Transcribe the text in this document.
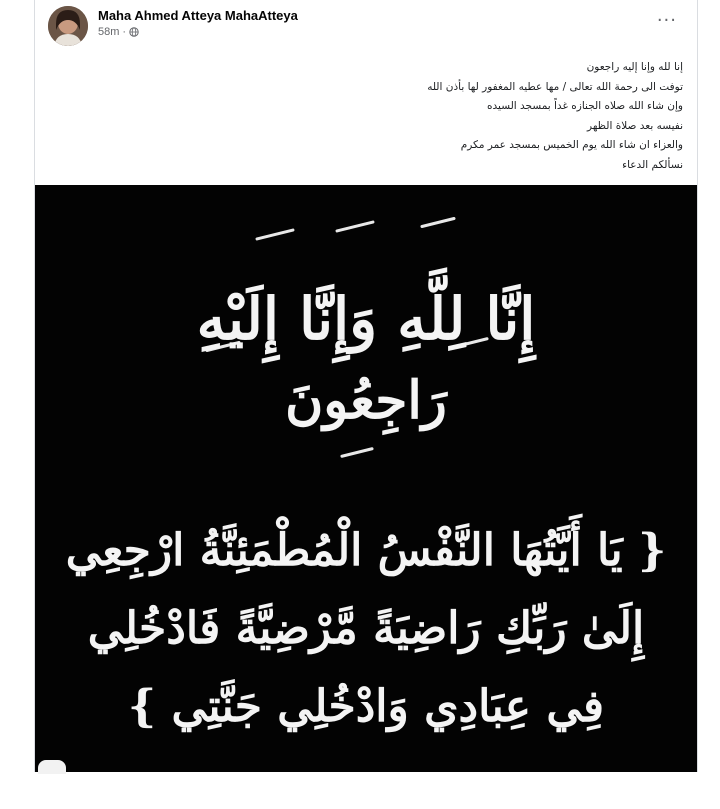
Maha Ahmed Atteya MahaAtteya
58m ·
···
إنا لله وإنا إليه راجعون
توفت الى رحمة الله تعالى / مها عطيه المغفور لها بأذن الله
وإن شاء الله صلاه الجنازه غداً بمسجد السيده
نفيسه بعد صلاة الظهر
والعزاء ان شاء الله يوم الخميس بمسجد عمر مكرم
نسألكم الدعاء
إِنَّا لِلَّهِ وَإِنَّا إِلَيْهِ
رَاجِعُونَ
{ يَا أَيَّتُهَا النَّفْسُ الْمُطْمَئِنَّةُ ارْجِعِي
إِلَىٰ رَبِّكِ رَاضِيَةً مَّرْضِيَّةً فَادْخُلِي
فِي عِبَادِي وَادْخُلِي جَنَّتِي }
